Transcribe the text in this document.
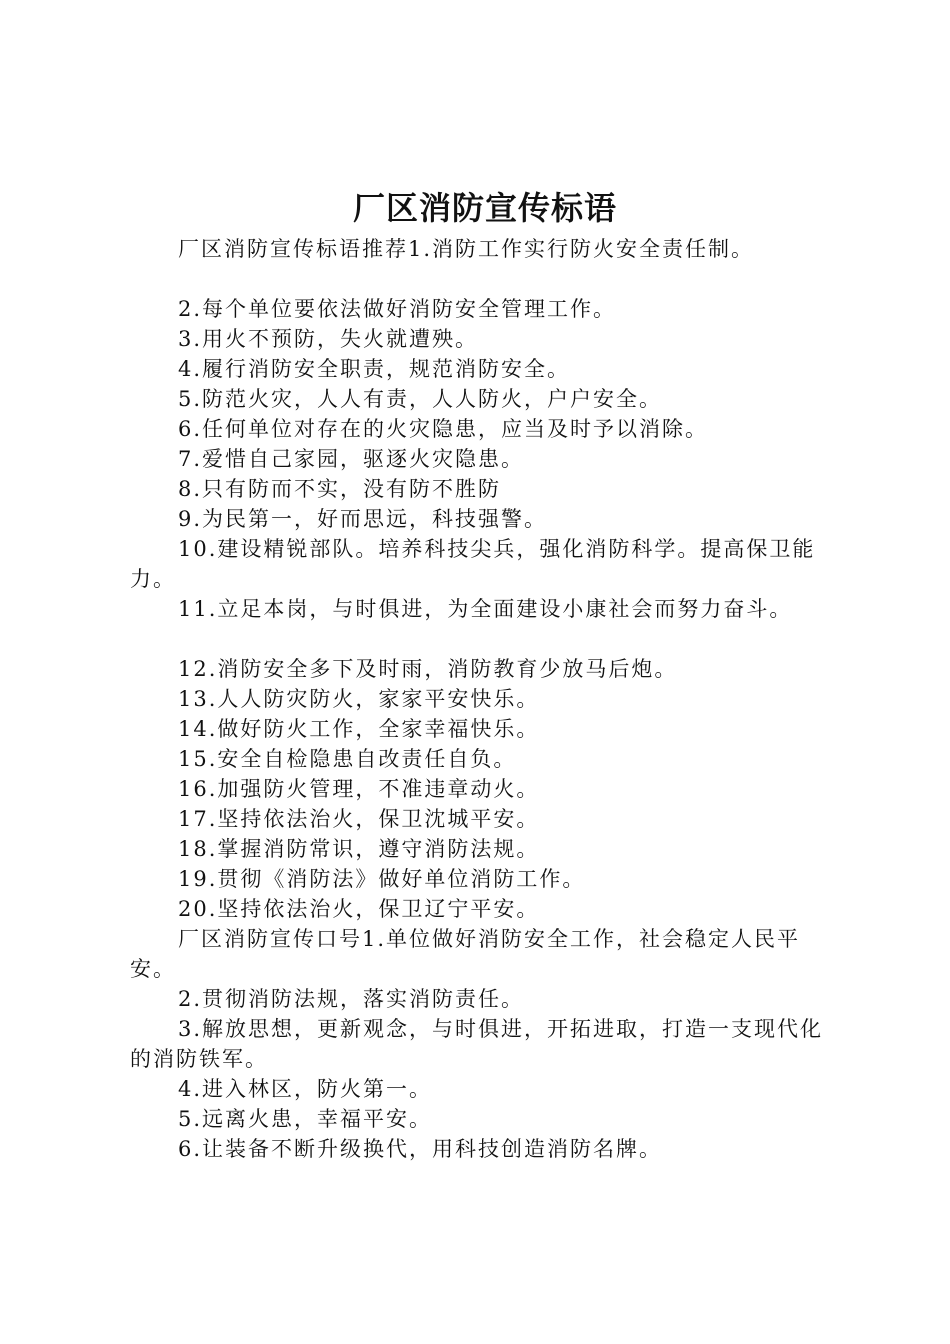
厂区消防宣传标语

厂区消防宣传标语推荐1.消防工作实行防火安全责任制。

2.每个单位要依法做好消防安全管理工作。

3.用火不预防，失火就遭殃。

4.履行消防安全职责，规范消防安全。

5.防范火灾，人人有责，人人防火，户户安全。

6.任何单位对存在的火灾隐患，应当及时予以消除。

7.爱惜自己家园，驱逐火灾隐患。

8.只有防而不实，没有防不胜防

9.为民第一，好而思远，科技强警。

10.建设精锐部队。培养科技尖兵，强化消防科学。提高保卫能力。

11.立足本岗，与时俱进，为全面建设小康社会而努力奋斗。

12.消防安全多下及时雨，消防教育少放马后炮。

13.人人防灾防火，家家平安快乐。

14.做好防火工作，全家幸福快乐。

15.安全自检隐患自改责任自负。

16.加强防火管理，不准违章动火。

17.坚持依法治火，保卫沈城平安。

18.掌握消防常识，遵守消防法规。

19.贯彻《消防法》做好单位消防工作。

20.坚持依法治火，保卫辽宁平安。

厂区消防宣传口号1.单位做好消防安全工作，社会稳定人民平安。

2.贯彻消防法规，落实消防责任。

3.解放思想，更新观念，与时俱进，开拓进取，打造一支现代化的消防铁军。

4.进入林区，防火第一。

5.远离火患，幸福平安。

6.让装备不断升级换代，用科技创造消防名牌。
